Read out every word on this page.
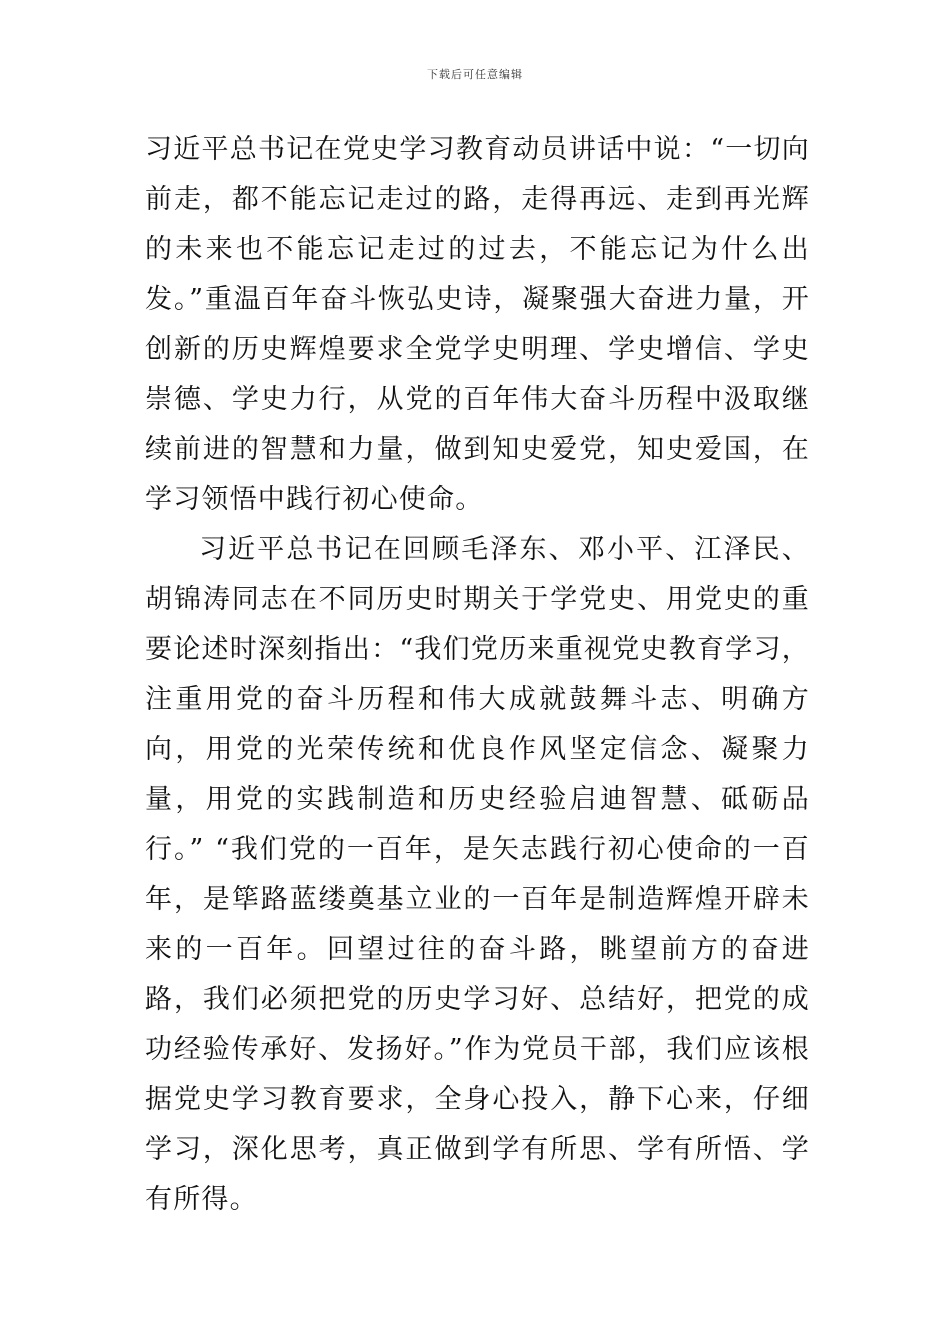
下载后可任意编辑

习近平总书记在党史学习教育动员讲话中说：“一切向前走，都不能忘记走过的路，走得再远、走到再光辉的未来也不能忘记走过的过去，不能忘记为什么出发。”重温百年奋斗恢弘史诗，凝聚强大奋进力量，开创新的历史辉煌要求全党学史明理、学史增信、学史崇德、学史力行，从党的百年伟大奋斗历程中汲取继续前进的智慧和力量，做到知史爱党，知史爱国，在学习领悟中践行初心使命。

习近平总书记在回顾毛泽东、邓小平、江泽民、胡锦涛同志在不同历史时期关于学党史、用党史的重要论述时深刻指出：“我们党历来重视党史教育学习，注重用党的奋斗历程和伟大成就鼓舞斗志、明确方向，用党的光荣传统和优良作风坚定信念、凝聚力量，用党的实践制造和历史经验启迪智慧、砥砺品行。” “我们党的一百年，是矢志践行初心使命的一百年，是筚路蓝缕奠基立业的一百年是制造辉煌开辟未来的一百年。回望过往的奋斗路，眺望前方的奋进路，我们必须把党的历史学习好、总结好，把党的成功经验传承好、发扬好。”作为党员干部，我们应该根据党史学习教育要求，全身心投入，静下心来，仔细学习，深化思考，真正做到学有所思、学有所悟、学有所得。
